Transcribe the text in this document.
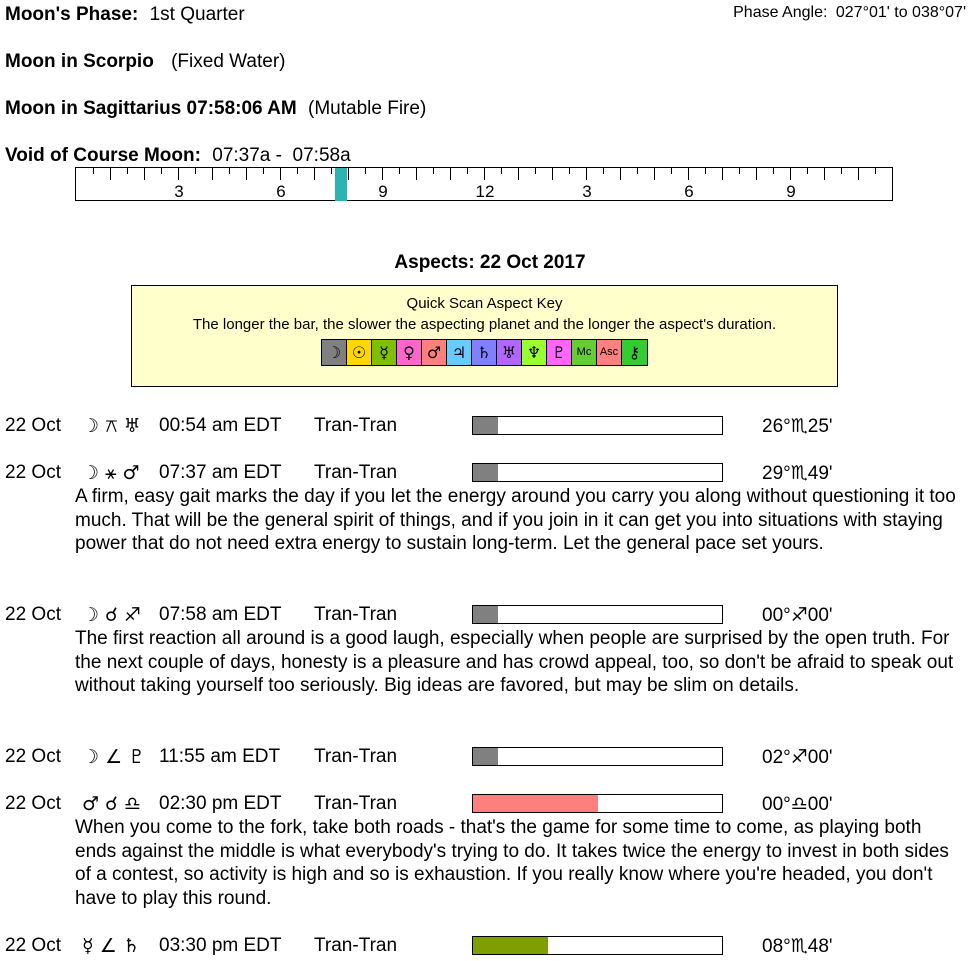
Moon's Phase: 1st Quarter	Phase Angle: 027°01' to 038°07'
Moon in Scorpio (Fixed Water)
Moon in Sagittarius 07:58:06 AM (Mutable Fire)
Void of Course Moon: 07:37a -  07:58a
3	6	9	12	3	6	9
Aspects: 22 Oct 2017
Quick Scan Aspect Key
The longer the bar, the slower the aspecting planet and the longer the aspect's duration.
☽ ☉ ☿ ♀ ♂ ♃ ♄ ♅ ♆ ♇ Mc Asc ⚷
22 Oct ☽ ⚻ ♅ 00:54 am EDT Tran-Tran	26°♏25'
22 Oct ☽ ⚹ ♂ 07:37 am EDT Tran-Tran	29°♏49'
A firm, easy gait marks the day if you let the energy around you carry you along without questioning it too much. That will be the general spirit of things, and if you join in it can get you into situations with staying power that do not need extra energy to sustain long-term. Let the general pace set yours.
22 Oct ☽ ☌ ♐ 07:58 am EDT Tran-Tran	00°♐00'
The first reaction all around is a good laugh, especially when people are surprised by the open truth. For the next couple of days, honesty is a pleasure and has crowd appeal, too, so don't be afraid to speak out without taking yourself too seriously. Big ideas are favored, but may be slim on details.
22 Oct ☽ ∠ ♇ 11:55 am EDT Tran-Tran	02°♐00'
22 Oct ♂ ☌ ♎ 02:30 pm EDT Tran-Tran	00°♎00'
When you come to the fork, take both roads - that's the game for some time to come, as playing both ends against the middle is what everybody's trying to do. It takes twice the energy to invest in both sides of a contest, so activity is high and so is exhaustion. If you really know where you're headed, you don't have to play this round.
22 Oct ☿ ∠ ♄ 03:30 pm EDT Tran-Tran	08°♏48'
